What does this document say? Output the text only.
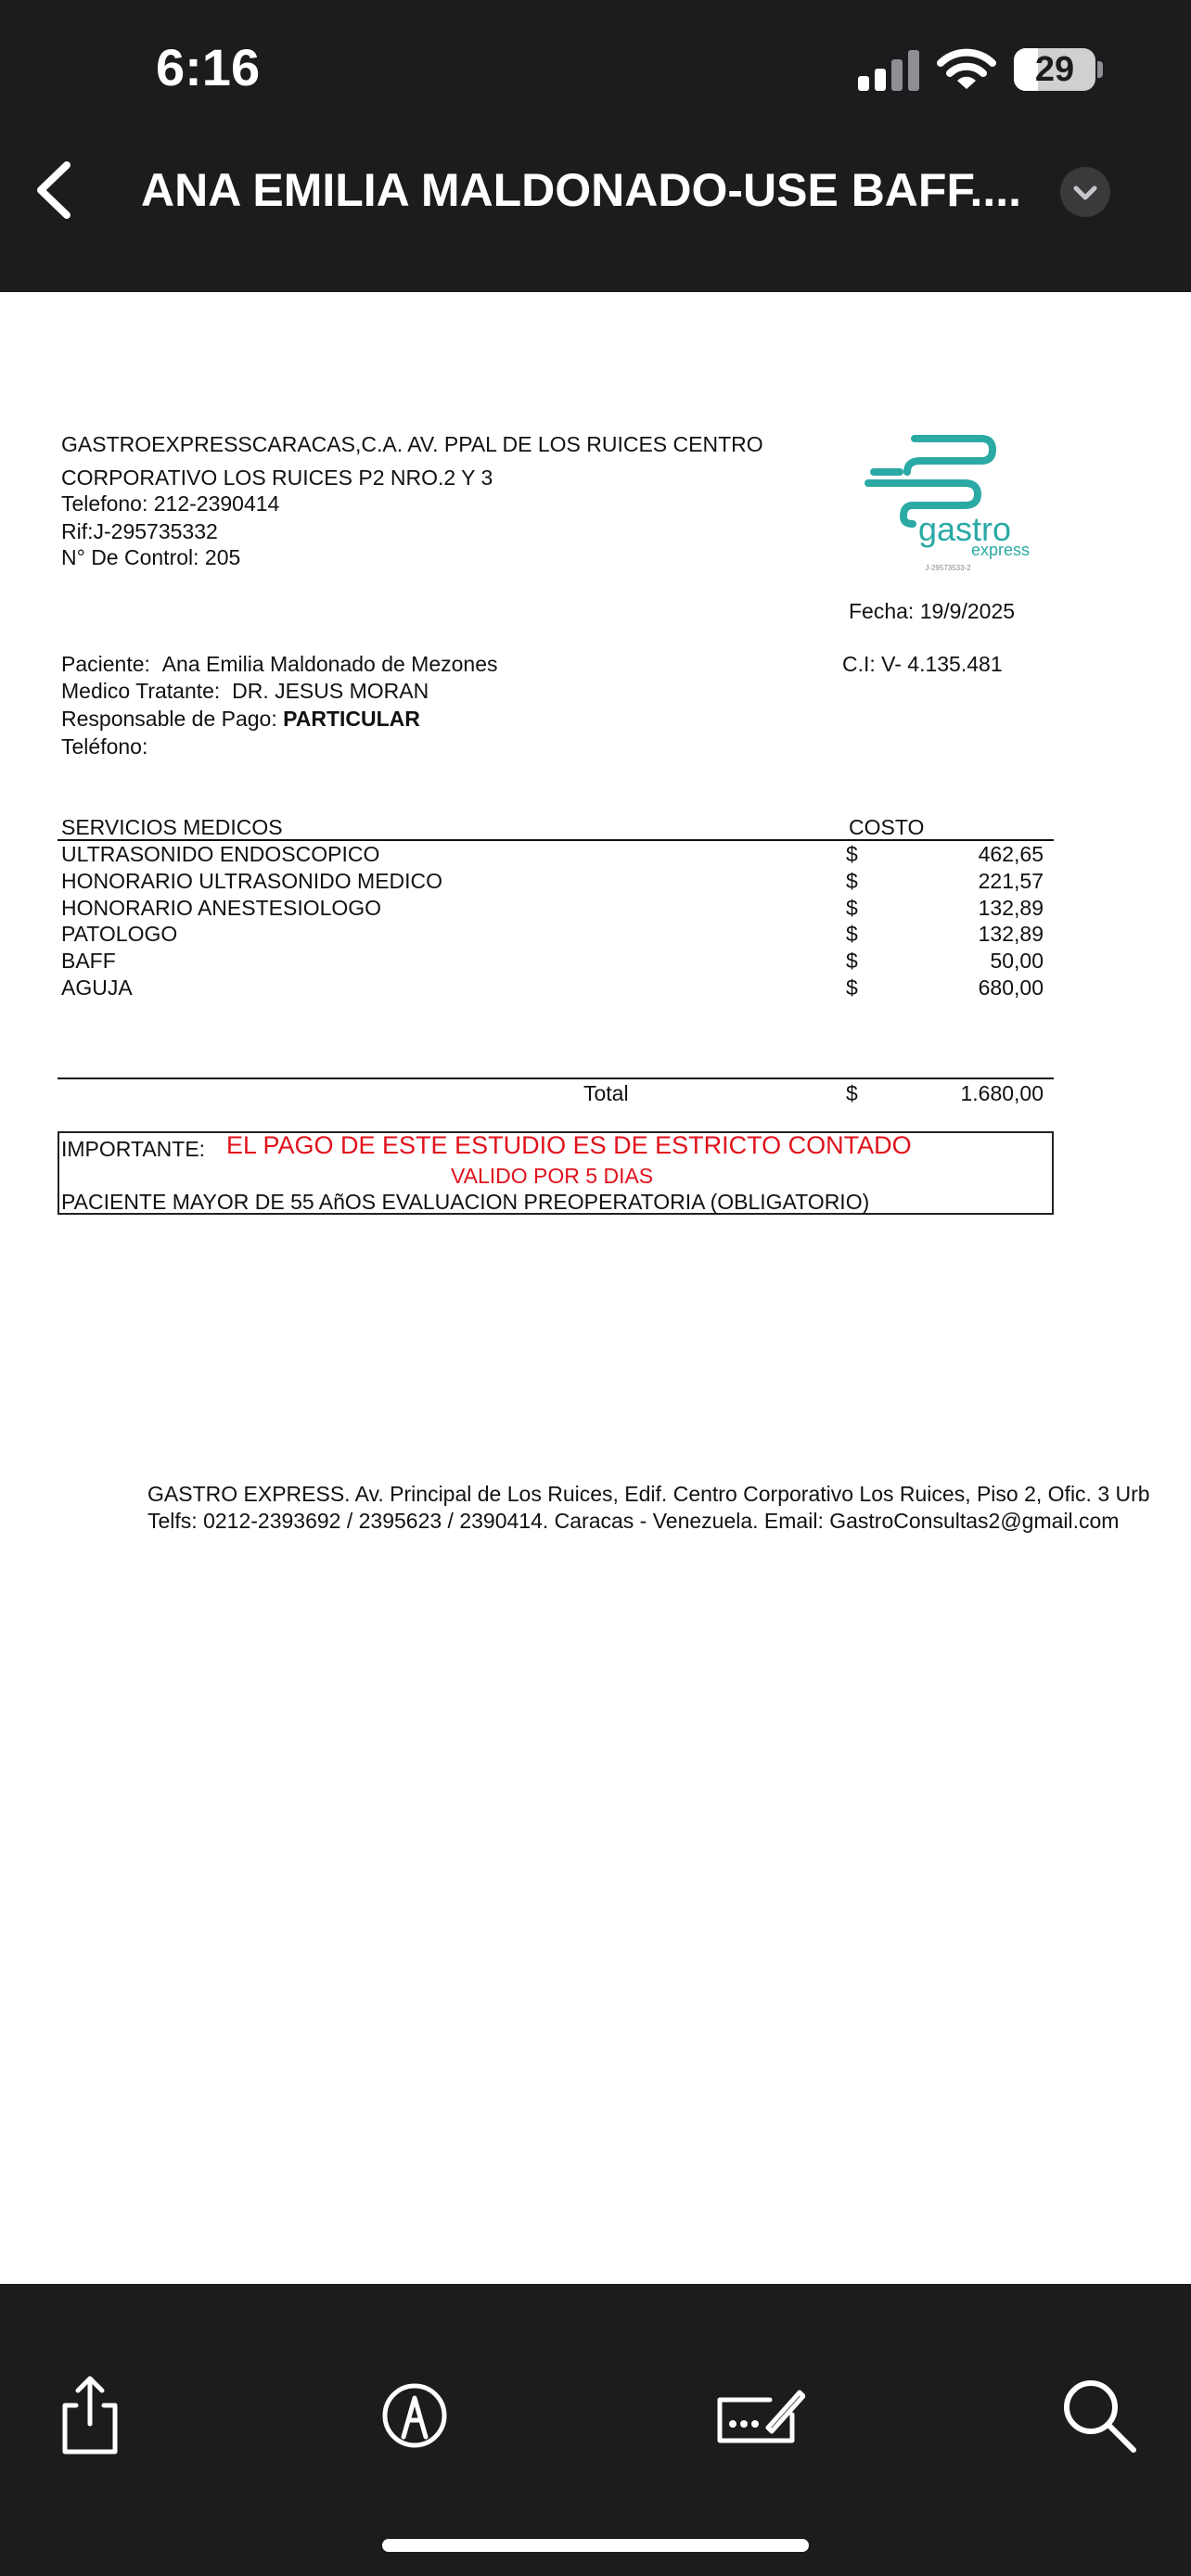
6:16	29
ANA EMILIA MALDONADO-USE BAFF....
GASTROEXPRESSCARACAS,C.A. AV. PPAL DE LOS RUICES CENTRO
CORPORATIVO LOS RUICES P2 NRO.2 Y 3
Telefono: 212-2390414
Rif:J-295735332
N° De Control: 205
gastro
express
J-29573533-2
Fecha: 19/9/2025
Paciente: Ana Emilia Maldonado de Mezones	C.I: V- 4.135.481
Medico Tratante: DR. JESUS MORAN
Responsable de Pago: PARTICULAR
Teléfono:
SERVICIOS MEDICOS	COSTO
ULTRASONIDO ENDOSCOPICO	$	462,65
HONORARIO ULTRASONIDO MEDICO	$	221,57
HONORARIO ANESTESIOLOGO	$	132,89
PATOLOGO	$	132,89
BAFF	$	50,00
AGUJA	$	680,00
Total	$	1.680,00
IMPORTANTE: EL PAGO DE ESTE ESTUDIO ES DE ESTRICTO CONTADO
VALIDO POR 5 DIAS
PACIENTE MAYOR DE 55 AñOS EVALUACION PREOPERATORIA (OBLIGATORIO)
GASTRO EXPRESS. Av. Principal de Los Ruices, Edif. Centro Corporativo Los Ruices, Piso 2, Ofic. 3 Urb
Telfs: 0212-2393692 / 2395623 / 2390414. Caracas - Venezuela. Email: GastroConsultas2@gmail.com
